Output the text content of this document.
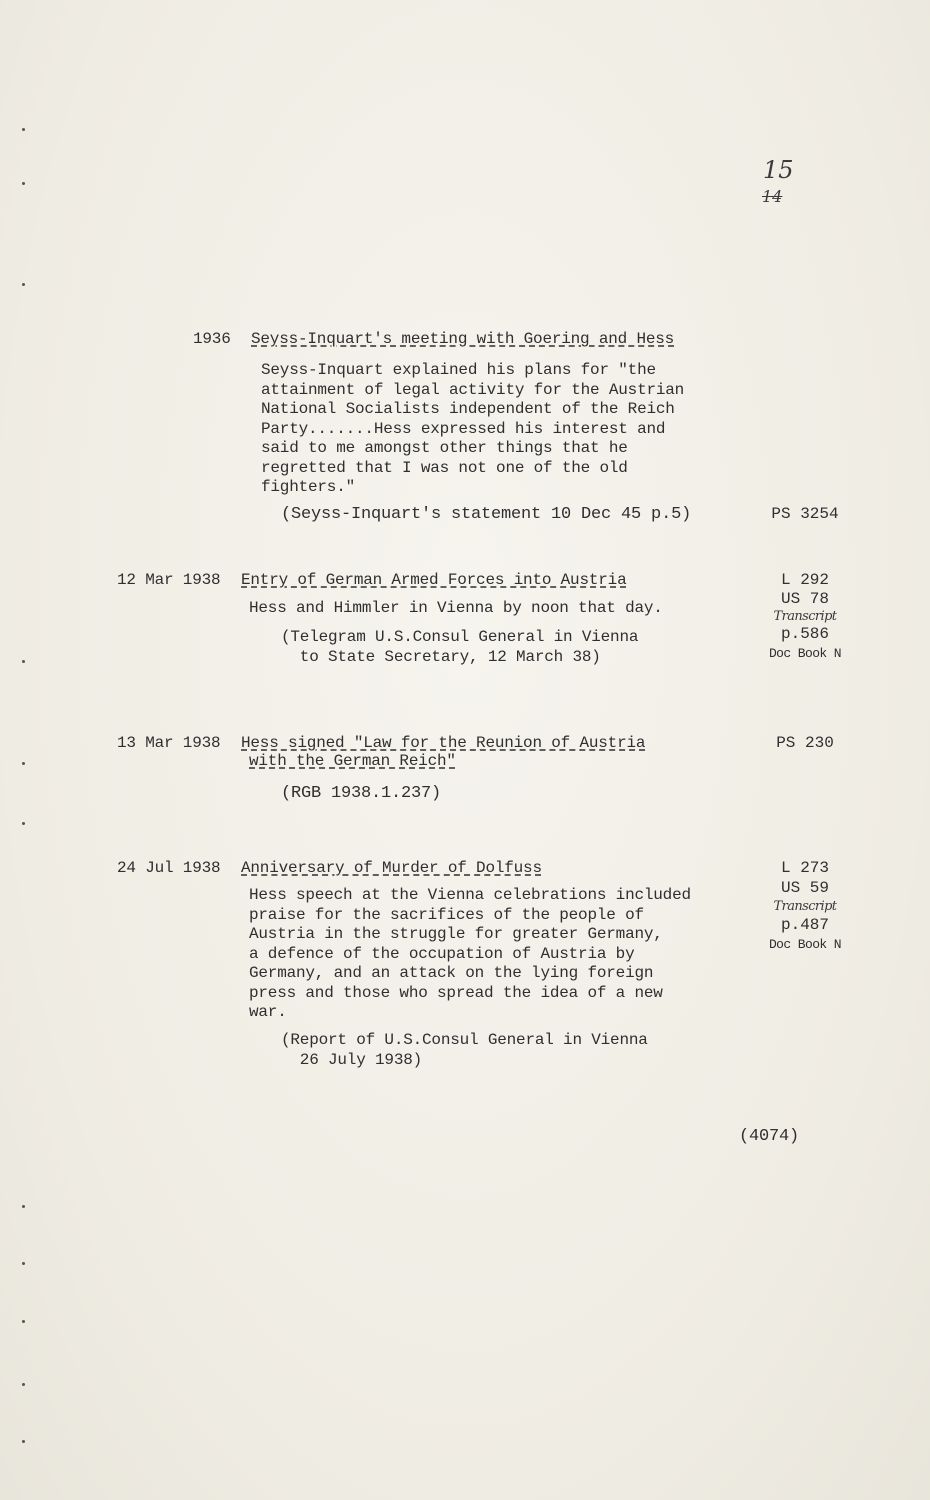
15
14
1936 Seyss-Inquart's meeting with Goering and Hess
Seyss-Inquart explained his plans for "the
attainment of legal activity for the Austrian
National Socialists independent of the Reich
Party.......Hess expressed his interest and
said to me amongst other things that he
regretted that I was not one of the old
fighters."
(Seyss-Inquart's statement 10 Dec 45 p.5)	PS 3254
12 Mar 1938 Entry of German Armed Forces into Austria
Hess and Himmler in Vienna by noon that day.
(Telegram U.S.Consul General in Vienna
to State Secretary, 12 March 38)
L 292
US 78
Transcript
p.586
Doc Book N
13 Mar 1938 Hess signed "Law for the Reunion of Austria
with the German Reich"
(RGB 1938.1.237)
PS 230
24 Jul 1938 Anniversary of Murder of Dolfuss
Hess speech at the Vienna celebrations included
praise for the sacrifices of the people of
Austria in the struggle for greater Germany,
a defence of the occupation of Austria by
Germany, and an attack on the lying foreign
press and those who spread the idea of a new
war.
(Report of U.S.Consul General in Vienna
26 July 1938)
L 273
US 59
Transcript
p.487
Doc Book N
(4074)
